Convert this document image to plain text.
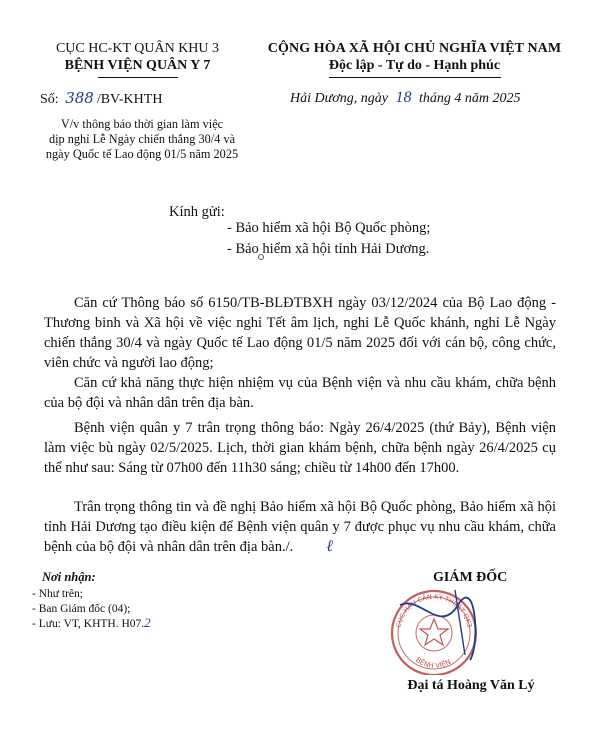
CỤC HC-KT QUÂN KHU 3
BỆNH VIỆN QUÂN Y 7
CỘNG HÒA XÃ HỘI CHỦ NGHĨA VIỆT NAM
Độc lập - Tự do - Hạnh phúc
Số: 388 /BV-KHTH	Hải Dương, ngày 18 tháng 4 năm 2025
V/v thông báo thời gian làm việc
dịp nghỉ Lễ Ngày chiến thắng 30/4 và
ngày Quốc tế Lao động 01/5 năm 2025
Kính gửi:
- Bảo hiểm xã hội Bộ Quốc phòng;
- Bảo hiểm xã hội tỉnh Hải Dương.
Căn cứ Thông báo số 6150/TB-BLĐTBXH ngày 03/12/2024 của Bộ Lao động - Thương binh và Xã hội về việc nghỉ Tết âm lịch, nghỉ Lễ Quốc khánh, nghỉ Lễ Ngày chiến thắng 30/4 và ngày Quốc tế Lao động 01/5 năm 2025 đối với cán bộ, công chức, viên chức và người lao động;
Căn cứ khả năng thực hiện nhiệm vụ của Bệnh viện và nhu cầu khám, chữa bệnh của bộ đội và nhân dân trên địa bàn.
Bệnh viện quân y 7 trân trọng thông báo: Ngày 26/4/2025 (thứ Bảy), Bệnh viện làm việc bù ngày 02/5/2025. Lịch, thời gian khám bệnh, chữa bệnh ngày 26/4/2025 cụ thể như sau: Sáng từ 07h00 đến 11h30 sáng; chiều từ 14h00 đến 17h00.
Trân trọng thông tin và đề nghị Bảo hiểm xã hội Bộ Quốc phòng, Bảo hiểm xã hội tỉnh Hải Dương tạo điều kiện để Bệnh viện quân y 7 được phục vụ nhu cầu khám, chữa bệnh của bộ đội và nhân dân trên địa bàn./. ℓ
Nơi nhận:
- Như trên;
- Ban Giám đốc (04);
- Lưu: VT, KHTH. H07.2	CỤC HẬU CẦN KỸ THUẬT QK3
BỆNH VIỆN
GIÁM ĐỐC
Đại tá Hoàng Văn Lý
